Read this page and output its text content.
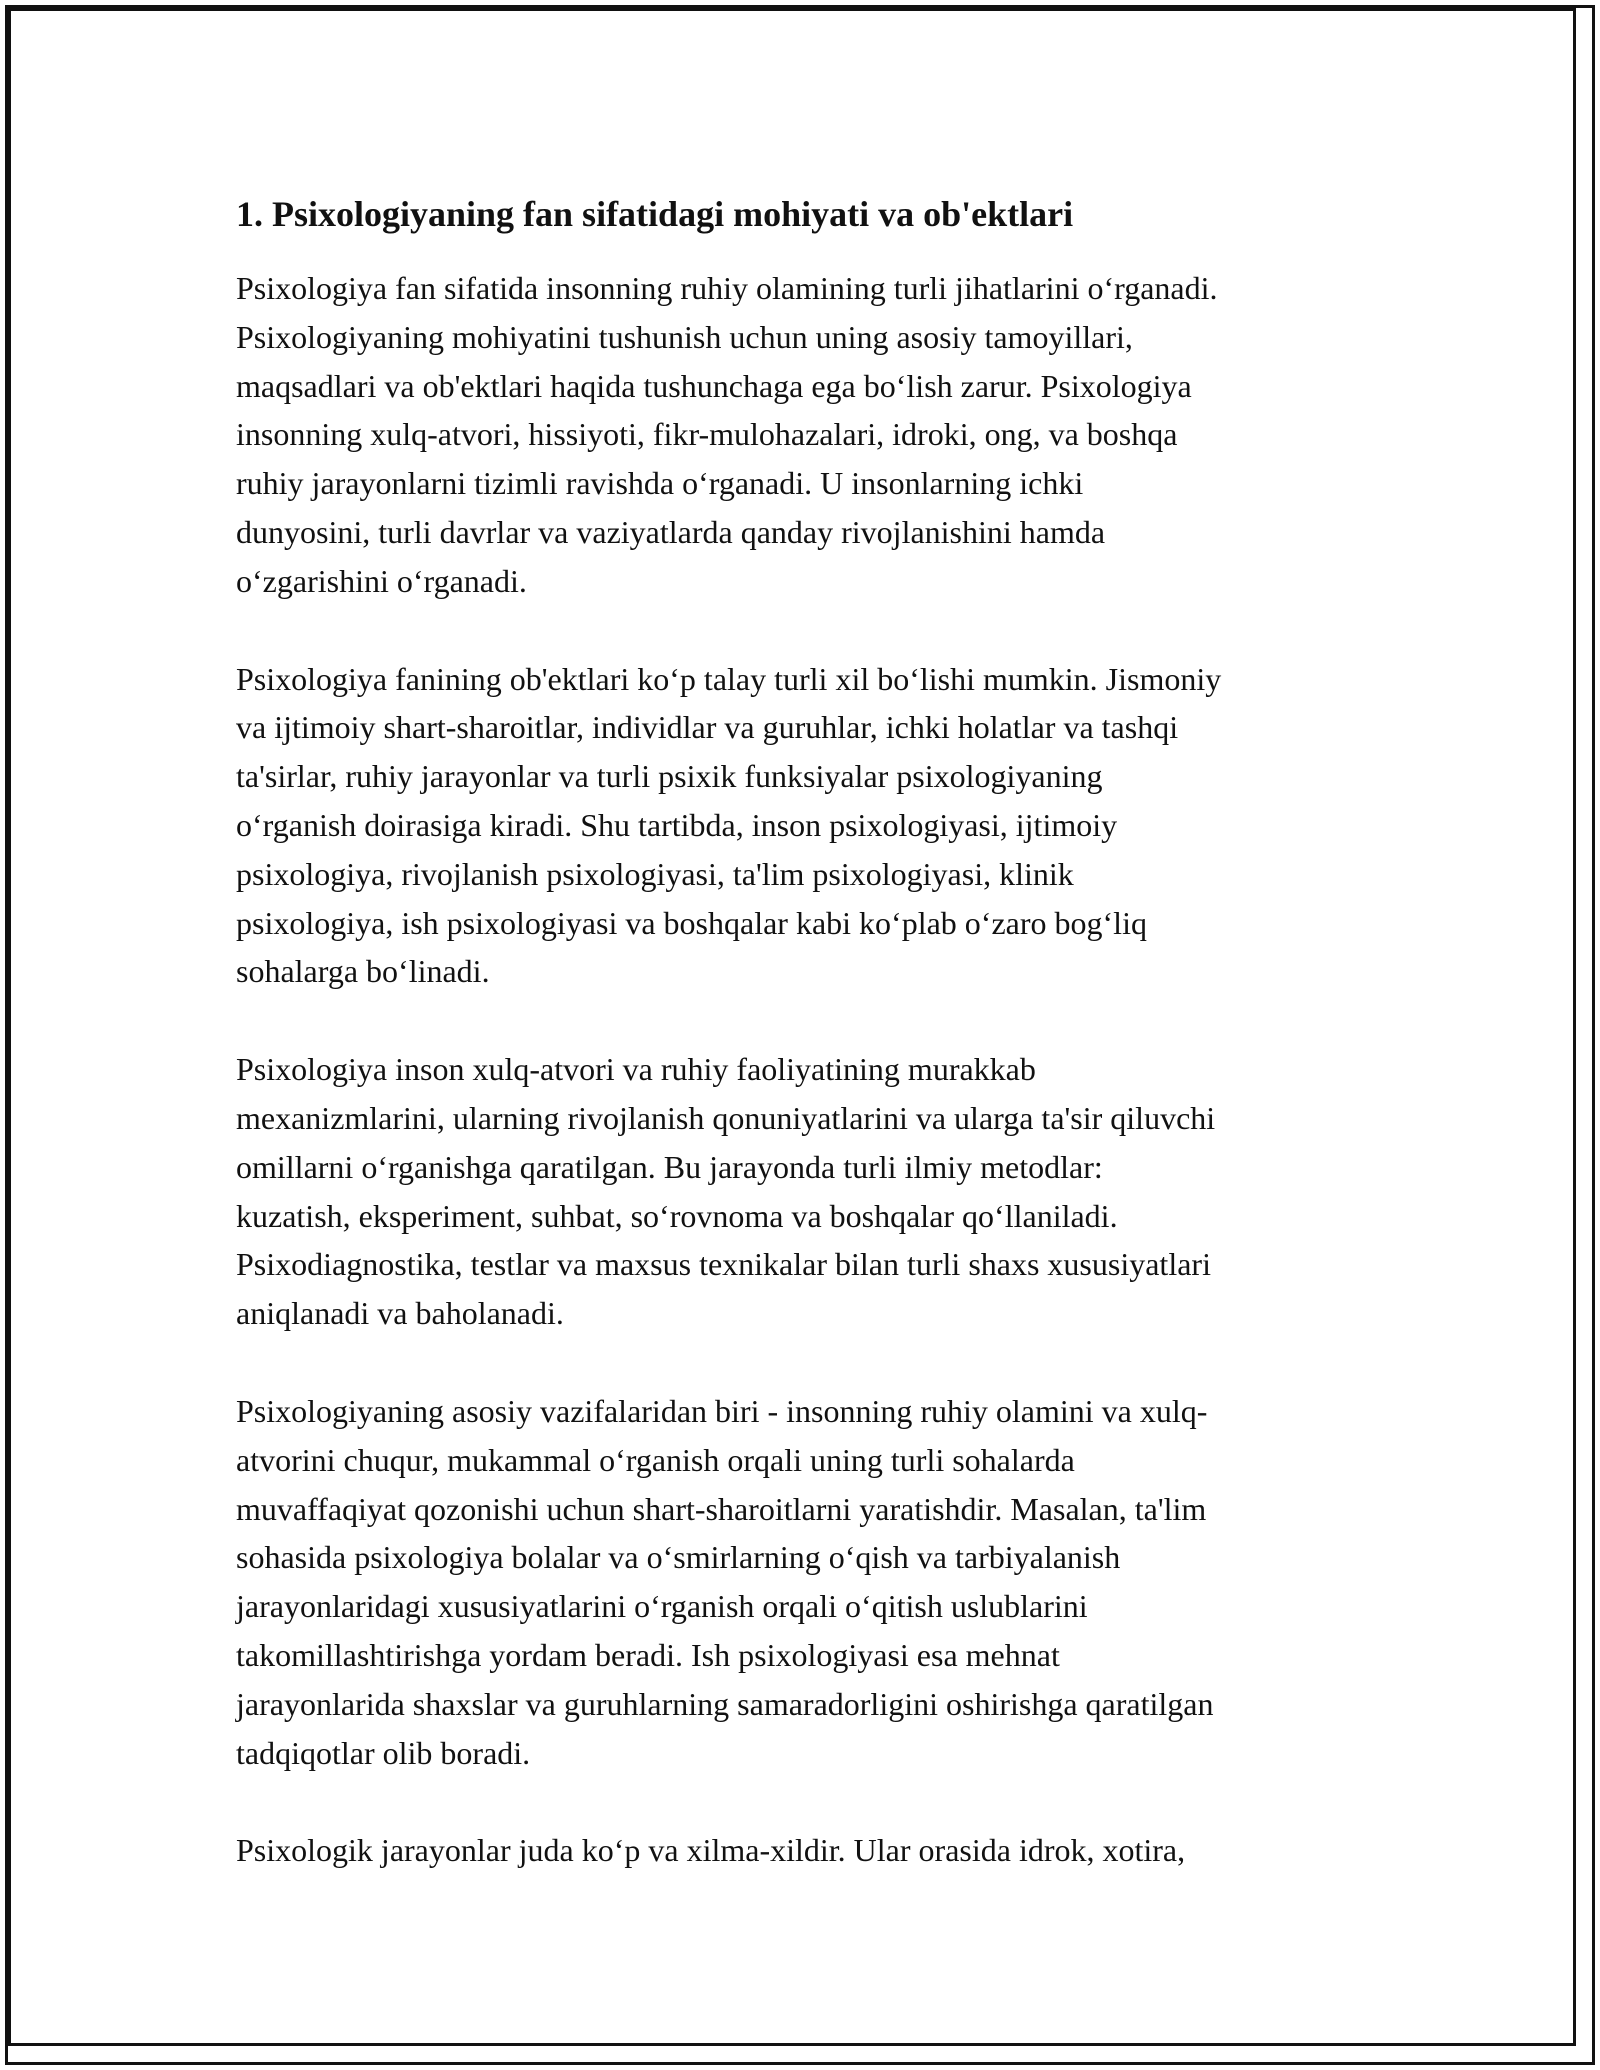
1. Psixologiyaning fan sifatidagi mohiyati va ob'ektlari

Psixologiya fan sifatida insonning ruhiy olamining turli jihatlarini o‘rganadi.
Psixologiyaning mohiyatini tushunish uchun uning asosiy tamoyillari,
maqsadlari va ob'ektlari haqida tushunchaga ega bo‘lish zarur. Psixologiya
insonning xulq-atvori, hissiyoti, fikr-mulohazalari, idroki, ong, va boshqa
ruhiy jarayonlarni tizimli ravishda o‘rganadi. U insonlarning ichki
dunyosini, turli davrlar va vaziyatlarda qanday rivojlanishini hamda
o‘zgarishini o‘rganadi.

Psixologiya fanining ob'ektlari ko‘p talay turli xil bo‘lishi mumkin. Jismoniy
va ijtimoiy shart-sharoitlar, individlar va guruhlar, ichki holatlar va tashqi
ta'sirlar, ruhiy jarayonlar va turli psixik funksiyalar psixologiyaning
o‘rganish doirasiga kiradi. Shu tartibda, inson psixologiyasi, ijtimoiy
psixologiya, rivojlanish psixologiyasi, ta'lim psixologiyasi, klinik
psixologiya, ish psixologiyasi va boshqalar kabi ko‘plab o‘zaro bog‘liq
sohalarga bo‘linadi.

Psixologiya inson xulq-atvori va ruhiy faoliyatining murakkab
mexanizmlarini, ularning rivojlanish qonuniyatlarini va ularga ta'sir qiluvchi
omillarni o‘rganishga qaratilgan. Bu jarayonda turli ilmiy metodlar:
kuzatish, eksperiment, suhbat, so‘rovnoma va boshqalar qo‘llaniladi.
Psixodiagnostika, testlar va maxsus texnikalar bilan turli shaxs xususiyatlari
aniqlanadi va baholanadi.

Psixologiyaning asosiy vazifalaridan biri - insonning ruhiy olamini va xulq-
atvorini chuqur, mukammal o‘rganish orqali uning turli sohalarda
muvaffaqiyat qozonishi uchun shart-sharoitlarni yaratishdir. Masalan, ta'lim
sohasida psixologiya bolalar va o‘smirlarning o‘qish va tarbiyalanish
jarayonlaridagi xususiyatlarini o‘rganish orqali o‘qitish uslublarini
takomillashtirishga yordam beradi. Ish psixologiyasi esa mehnat
jarayonlarida shaxslar va guruhlarning samaradorligini oshirishga qaratilgan
tadqiqotlar olib boradi.

Psixologik jarayonlar juda ko‘p va xilma-xildir. Ular orasida idrok, xotira,
